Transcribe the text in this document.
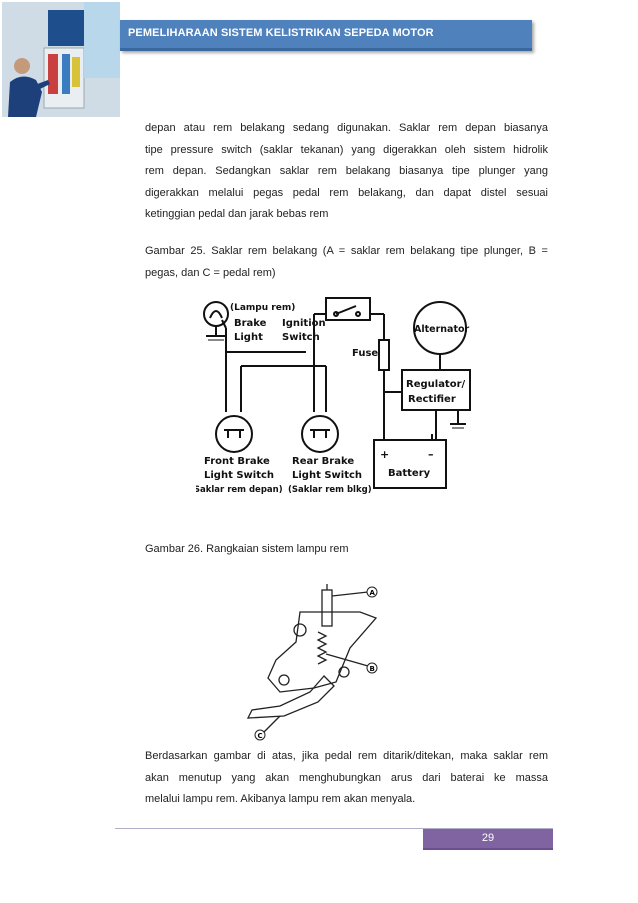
PEMELIHARAAN SISTEM KELISTRIKAN SEPEDA MOTOR
depan atau rem belakang sedang digunakan. Saklar rem depan biasanya
tipe pressure switch (saklar tekanan) yang digerakkan oleh sistem hidrolik
rem depan. Sedangkan saklar rem belakang biasanya tipe plunger yang
digerakkan melalui pegas pedal rem belakang, dan dapat distel sesuai
ketinggian pedal dan jarak bebas rem
Gambar 25. Saklar rem belakang (A = saklar rem belakang tipe plunger, B =
pegas, dan C = pedal rem)
(Lampu rem)
Brake
Light
Ignition
Switch
Alternator
Fuse
Regulator/
Rectifier
+	–
Battery
Front Brake
Light Switch
(Saklar rem depan)
Rear Brake
Light Switch
(Saklar rem blkg)
Gambar 26. Rangkaian sistem lampu rem
A
B
C
Berdasarkan gambar di atas, jika pedal rem ditarik/ditekan, maka saklar rem
akan menutup yang akan menghubungkan arus dari baterai ke massa
melalui lampu rem. Akibanya lampu rem akan menyala.
29
